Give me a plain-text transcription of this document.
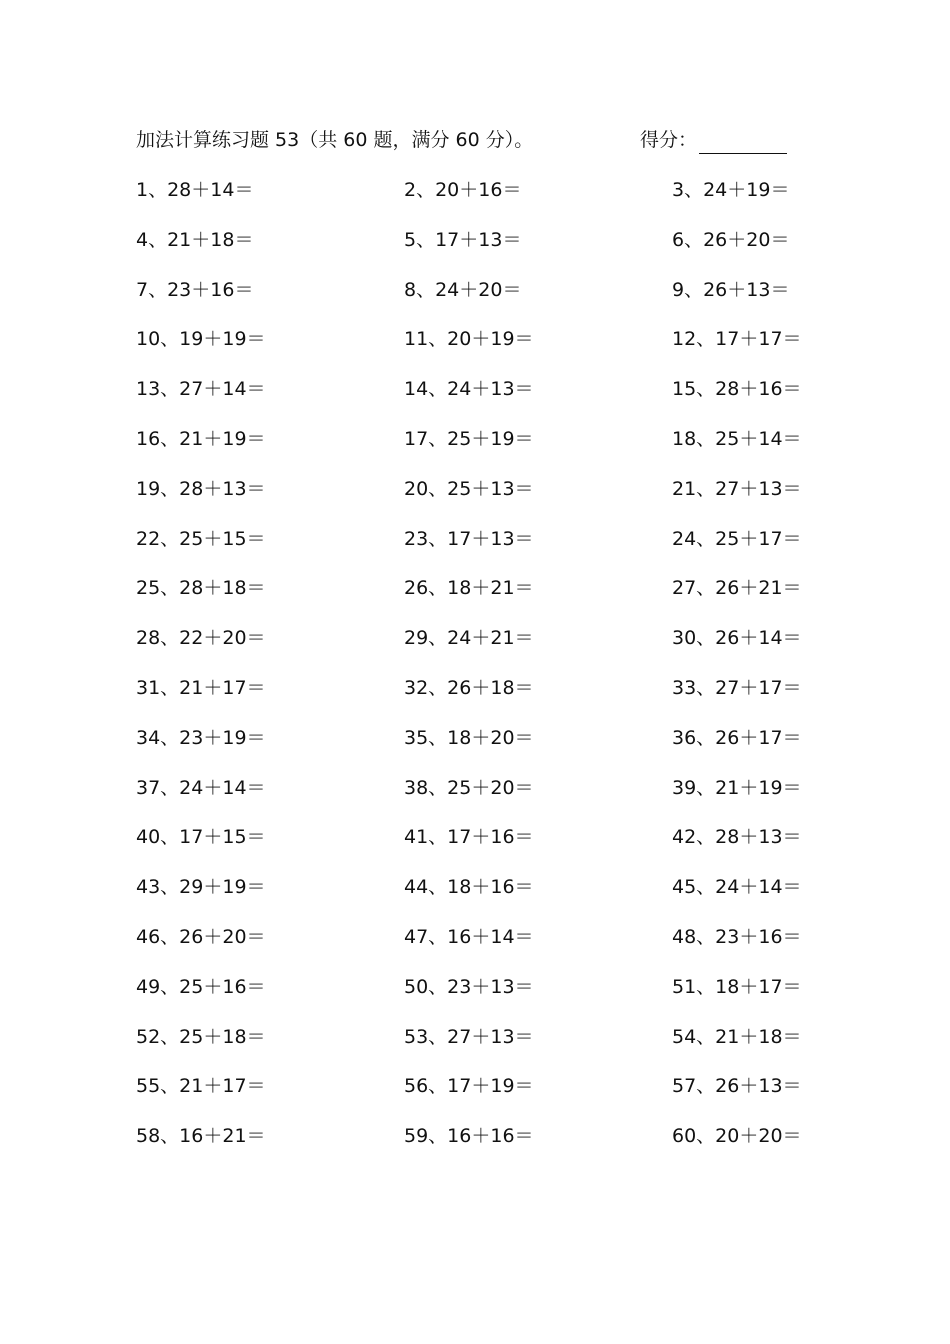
加法计算练习题 53（共 60 题，满分 60 分）。	得分：
1、28＋14＝	2、20＋16＝	3、24＋19＝
4、21＋18＝	5、17＋13＝	6、26＋20＝
7、23＋16＝	8、24＋20＝	9、26＋13＝
10、19＋19＝	11、20＋19＝	12、17＋17＝
13、27＋14＝	14、24＋13＝	15、28＋16＝
16、21＋19＝	17、25＋19＝	18、25＋14＝
19、28＋13＝	20、25＋13＝	21、27＋13＝
22、25＋15＝	23、17＋13＝	24、25＋17＝
25、28＋18＝	26、18＋21＝	27、26＋21＝
28、22＋20＝	29、24＋21＝	30、26＋14＝
31、21＋17＝	32、26＋18＝	33、27＋17＝
34、23＋19＝	35、18＋20＝	36、26＋17＝
37、24＋14＝	38、25＋20＝	39、21＋19＝
40、17＋15＝	41、17＋16＝	42、28＋13＝
43、29＋19＝	44、18＋16＝	45、24＋14＝
46、26＋20＝	47、16＋14＝	48、23＋16＝
49、25＋16＝	50、23＋13＝	51、18＋17＝
52、25＋18＝	53、27＋13＝	54、21＋18＝
55、21＋17＝	56、17＋19＝	57、26＋13＝
58、16＋21＝	59、16＋16＝	60、20＋20＝
